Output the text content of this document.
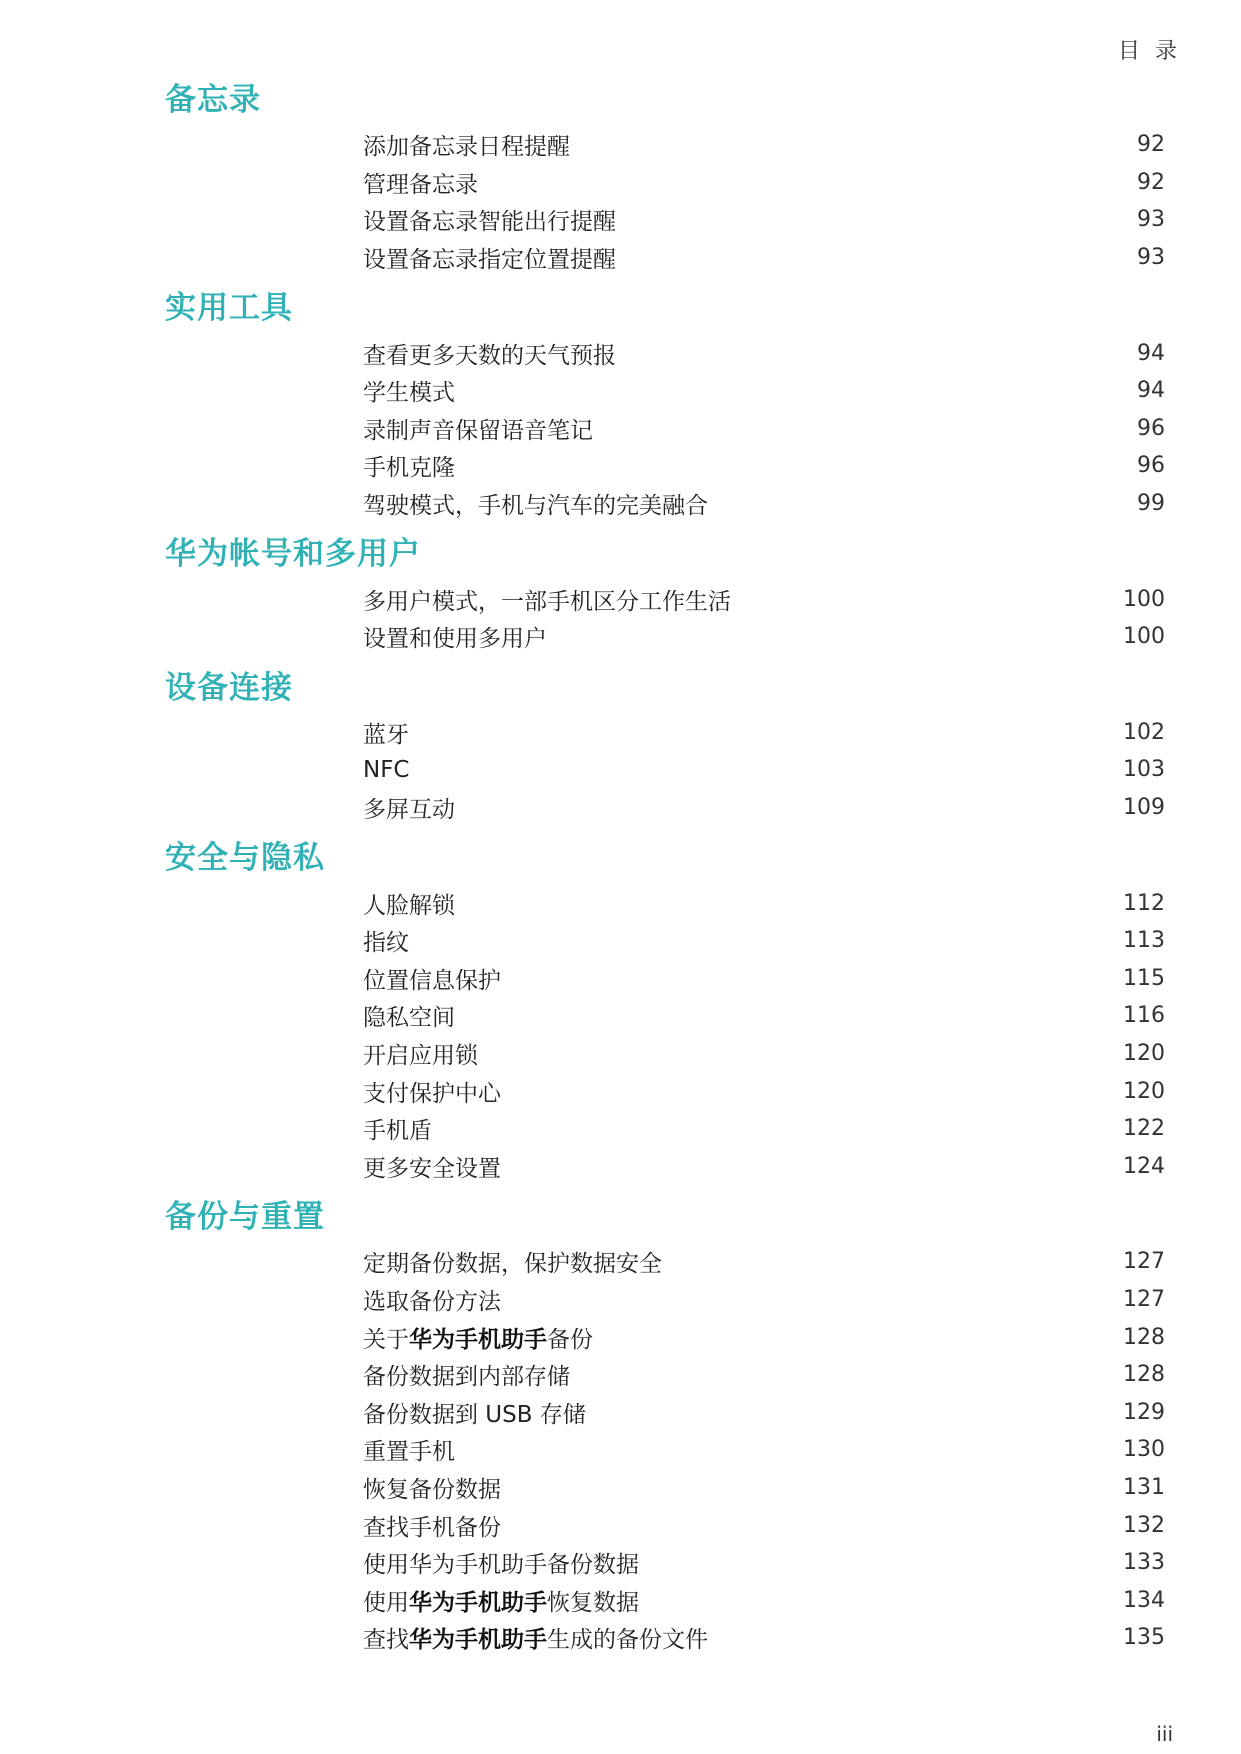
目 录
备忘录
添加备忘录日程提醒	92
管理备忘录	92
设置备忘录智能出行提醒	93
设置备忘录指定位置提醒	93
实用工具
查看更多天数的天气预报	94
学生模式	94
录制声音保留语音笔记	96
手机克隆	96
驾驶模式，手机与汽车的完美融合	99
华为帐号和多用户
多用户模式，一部手机区分工作生活	100
设置和使用多用户	100
设备连接
蓝牙	102
NFC	103
多屏互动	109
安全与隐私
人脸解锁	112
指纹	113
位置信息保护	115
隐私空间	116
开启应用锁	120
支付保护中心	120
手机盾	122
更多安全设置	124
备份与重置
定期备份数据，保护数据安全	127
选取备份方法	127
关于华为手机助手备份	128
备份数据到内部存储	128
备份数据到 USB 存储	129
重置手机	130
恢复备份数据	131
查找手机备份	132
使用华为手机助手备份数据	133
使用华为手机助手恢复数据	134
查找华为手机助手生成的备份文件	135
iii
